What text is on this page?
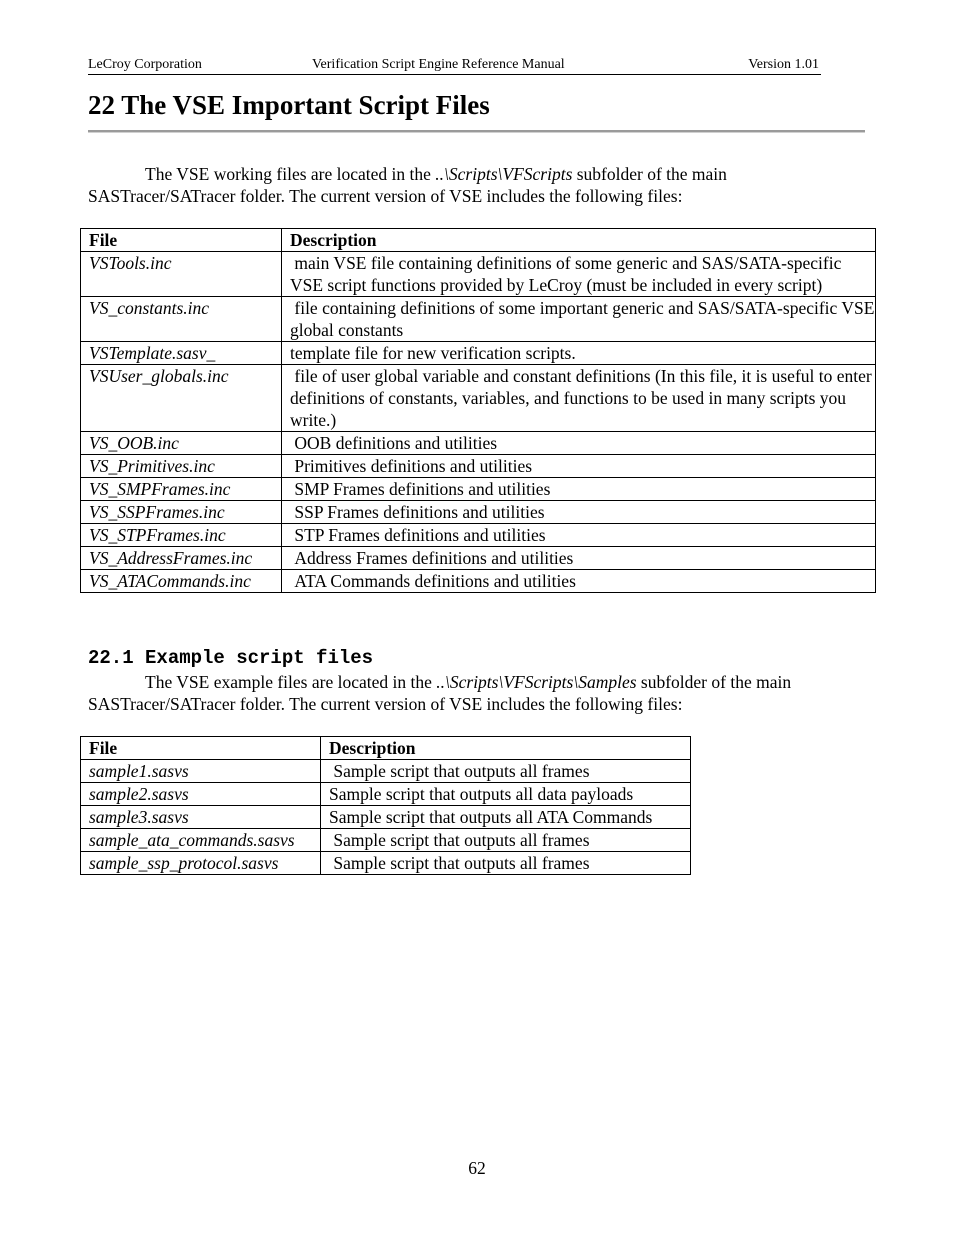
LeCroy Corporation	Verification Script Engine Reference Manual	Version 1.01
22 The VSE Important Script Files

The VSE working files are located in the ..\Scripts\VFScripts subfolder of the main SASTracer/SATracer folder. The current version of VSE includes the following files:

File	Description
VSTools.inc	main VSE file containing definitions of some generic and SAS/SATA-specific VSE script functions provided by LeCroy (must be included in every script)
VS_constants.inc	file containing definitions of some important generic and SAS/SATA-specific VSE global constants
VSTemplate.sasv_	template file for new verification scripts.
VSUser_globals.inc	file of user global variable and constant definitions (In this file, it is useful to enter definitions of constants, variables, and functions to be used in many scripts you write.)
VS_OOB.inc	OOB definitions and utilities
VS_Primitives.inc	Primitives definitions and utilities
VS_SMPFrames.inc	SMP Frames definitions and utilities
VS_SSPFrames.inc	SSP Frames definitions and utilities
VS_STPFrames.inc	STP Frames definitions and utilities
VS_AddressFrames.inc	Address Frames definitions and utilities
VS_ATACommands.inc	ATA Commands definitions and utilities
22.1 Example script files

The VSE example files are located in the ..\Scripts\VFScripts\Samples subfolder of the main SASTracer/SATracer folder. The current version of VSE includes the following files:

File	Description
sample1.sasvs	Sample script that outputs all frames
sample2.sasvs	Sample script that outputs all data payloads
sample3.sasvs	Sample script that outputs all ATA Commands
sample_ata_commands.sasvs	Sample script that outputs all frames
sample_ssp_protocol.sasvs	Sample script that outputs all frames
62
